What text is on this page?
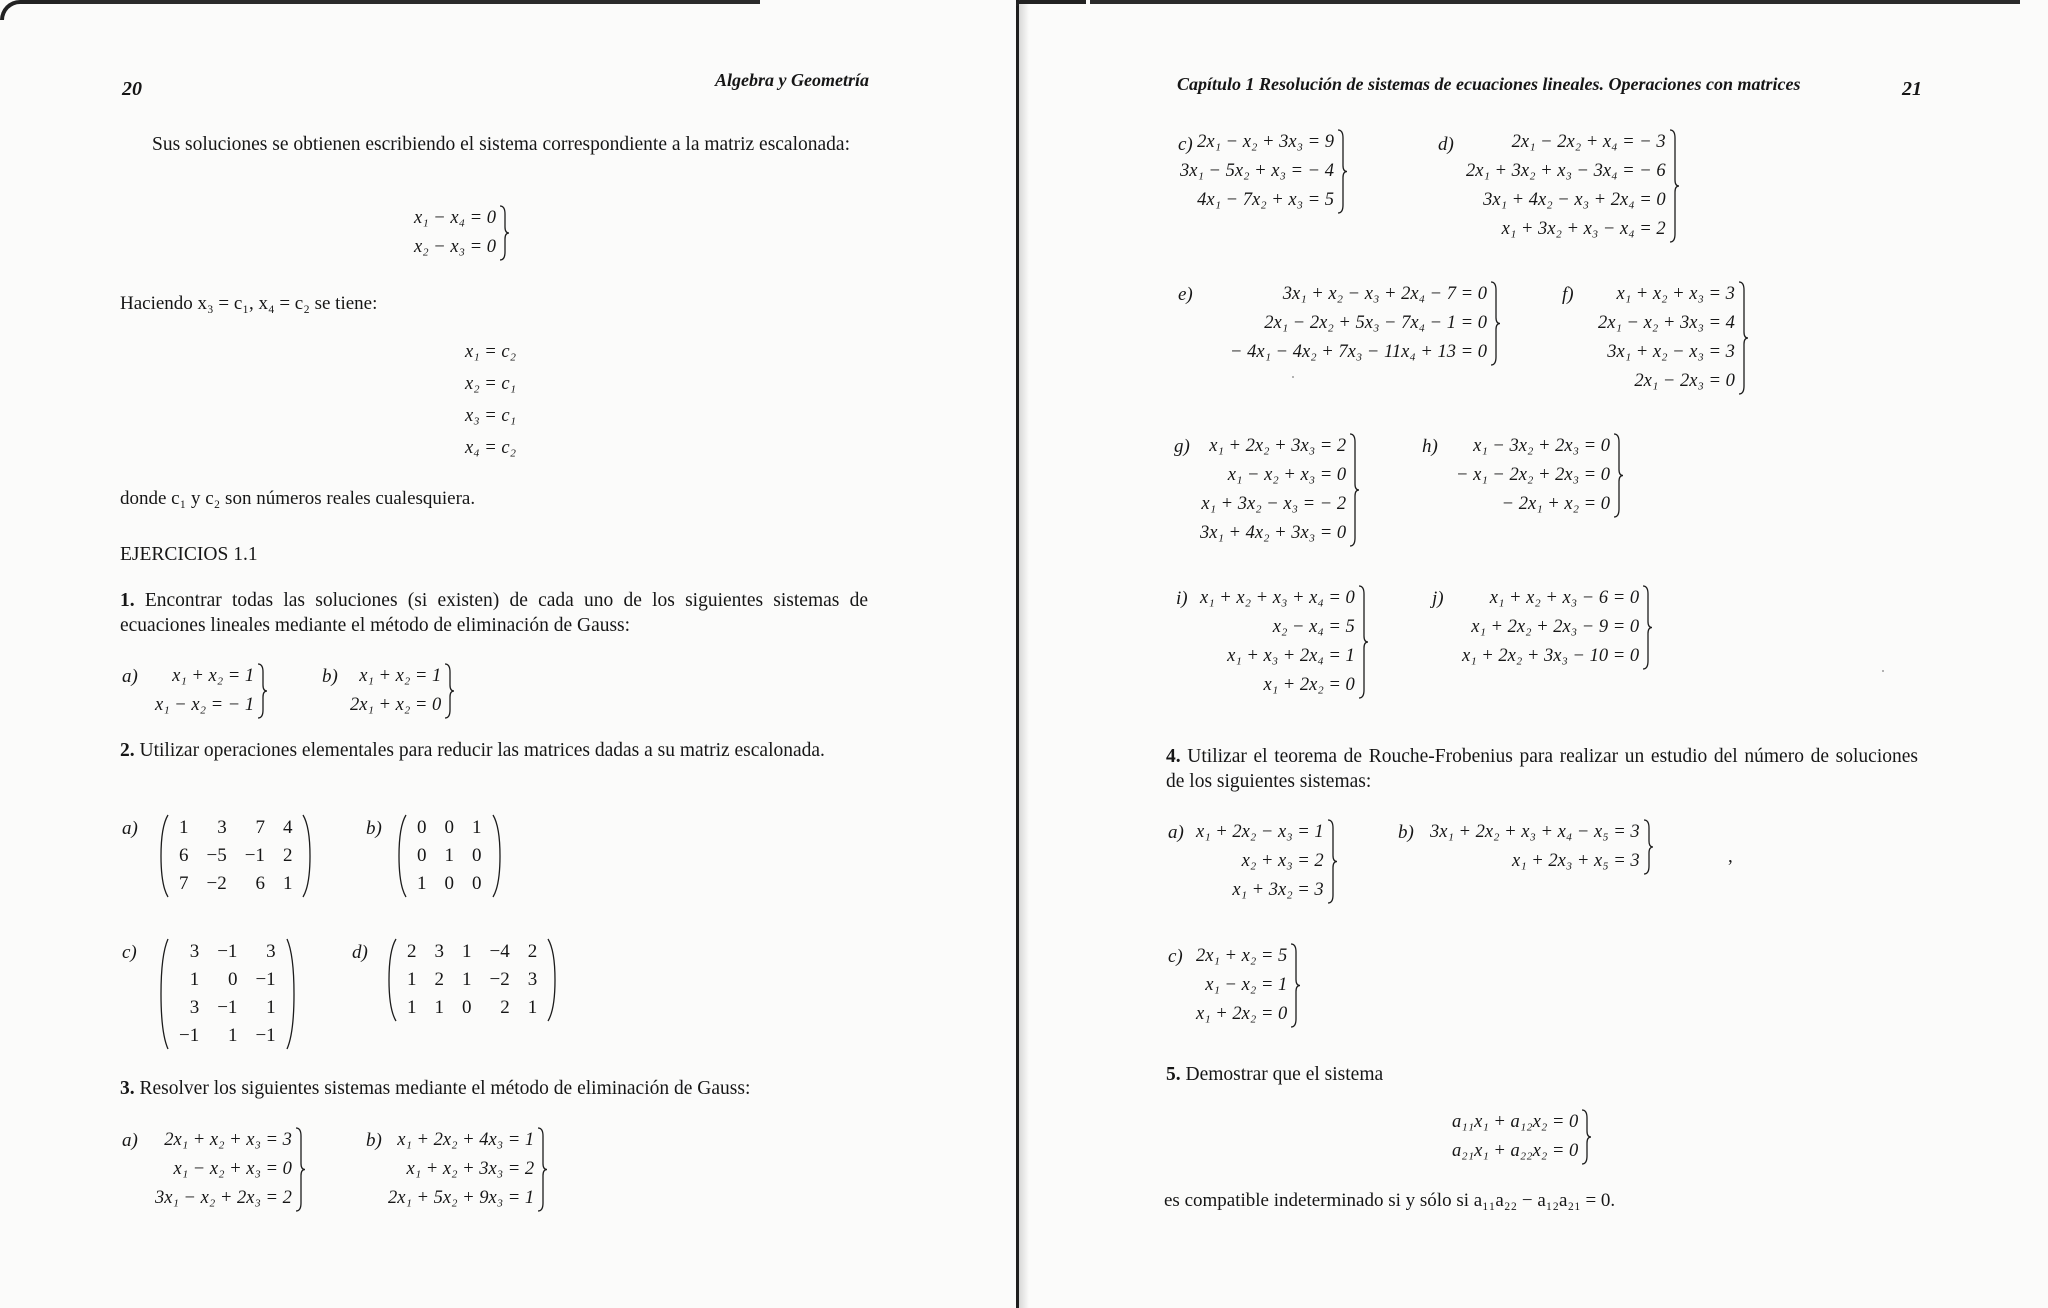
20	Algebra y Geometría
Sus soluciones se obtienen escribiendo el sistema correspondiente a la matriz escalonada:
x₁ − x₄ = 0
x₂ − x₃ = 0
Haciendo x₃ = c₁, x₄ = c₂ se tiene:
x₁ = c₂
x₂ = c₁
x₃ = c₁
x₄ = c₂
donde c₁ y c₂ son números reales cualesquiera.
EJERCICIOS 1.1
1. Encontrar todas las soluciones (si existen) de cada uno de los siguientes sistemas de ecuaciones lineales mediante el método de eliminación de Gauss:
a)	x₁ + x₂ = 1
x₁ − x₂ = − 1
b)	x₁ + x₂ = 1
2x₁ + x₂ = 0
2. Utilizar operaciones elementales para reducir las matrices dadas a su matriz escalonada.
a) 1	3	7	4
6	−5	−1	2
7	−2	6	1
b) 0	0	1
0	1	0
1	0	0
c)	3	−1	3
1	0	−1
3	−1	1
−1	1	−1
d) 2	3	1	−4	2
1	2	1	−2	3
1	1	0	2	1
3. Resolver los siguientes sistemas mediante el método de eliminación de Gauss:
a)	2x₁ + x₂ + x₃ = 3
x₁ − x₂ + x₃ = 0
3x₁ − x₂ + 2x₃ = 2
b) x₁ + 2x₂ + 4x₃ = 1
x₁ + x₂ + 3x₃ = 2
2x₁ + 5x₂ + 9x₃ = 1
Capítulo 1 Resolución de sistemas de ecuaciones lineales. Operaciones con matrices	21
c) 2x₁ − x₂ + 3x₃ = 9
3x₁ − 5x₂ + x₃ = − 4
4x₁ − 7x₂ + x₃ = 5
d)	2x₁ − 2x₂ + x₄ = − 3
2x₁ + 3x₂ + x₃ − 3x₄ = − 6
3x₁ + 4x₂ − x₃ + 2x₄ = 0
x₁ + 3x₂ + x₃ − x₄ = 2
e)	3x₁ + x₂ − x₃ + 2x₄ − 7 = 0
2x₁ − 2x₂ + 5x₃ − 7x₄ − 1 = 0
− 4x₁ − 4x₂ + 7x₃ − 11x₄ + 13 = 0
f)	x₁ + x₂ + x₃ = 3
2x₁ − x₂ + 3x₃ = 4
3x₁ + x₂ − x₃ = 3
2x₁ − 2x₃ = 0
g)	x₁ + 2x₂ + 3x₃ = 2
x₁ − x₂ + x₃ = 0
x₁ + 3x₂ − x₃ = − 2
3x₁ + 4x₂ + 3x₃ = 0
h)	x₁ − 3x₂ + 2x₃ = 0
− x₁ − 2x₂ + 2x₃ = 0
− 2x₁ + x₂ = 0
i) x₁ + x₂ + x₃ + x₄ = 0
x₂ − x₄ = 5
x₁ + x₃ + 2x₄ = 1
x₁ + 2x₂ = 0
j)	x₁ + x₂ + x₃ − 6 = 0
x₁ + 2x₂ + 2x₃ − 9 = 0
x₁ + 2x₂ + 3x₃ − 10 = 0
4. Utilizar el teorema de Rouche-Frobenius para realizar un estudio del número de soluciones de los siguientes sistemas:
a) x₁ + 2x₂ − x₃ = 1
x₂ + x₃ = 2
x₁ + 3x₂ = 3
b) 3x₁ + 2x₂ + x₃ + x₄ − x₅ = 3
x₁ + 2x₃ + x₅ = 3	,
c) 2x₁ + x₂ = 5
x₁ − x₂ = 1
x₁ + 2x₂ = 0
5. Demostrar que el sistema
a₁₁x₁ + a₁₂x₂ = 0
a₂₁x₁ + a₂₂x₂ = 0
es compatible indeterminado si y sólo si a₁₁a₂₂ − a₁₂a₂₁ = 0.
